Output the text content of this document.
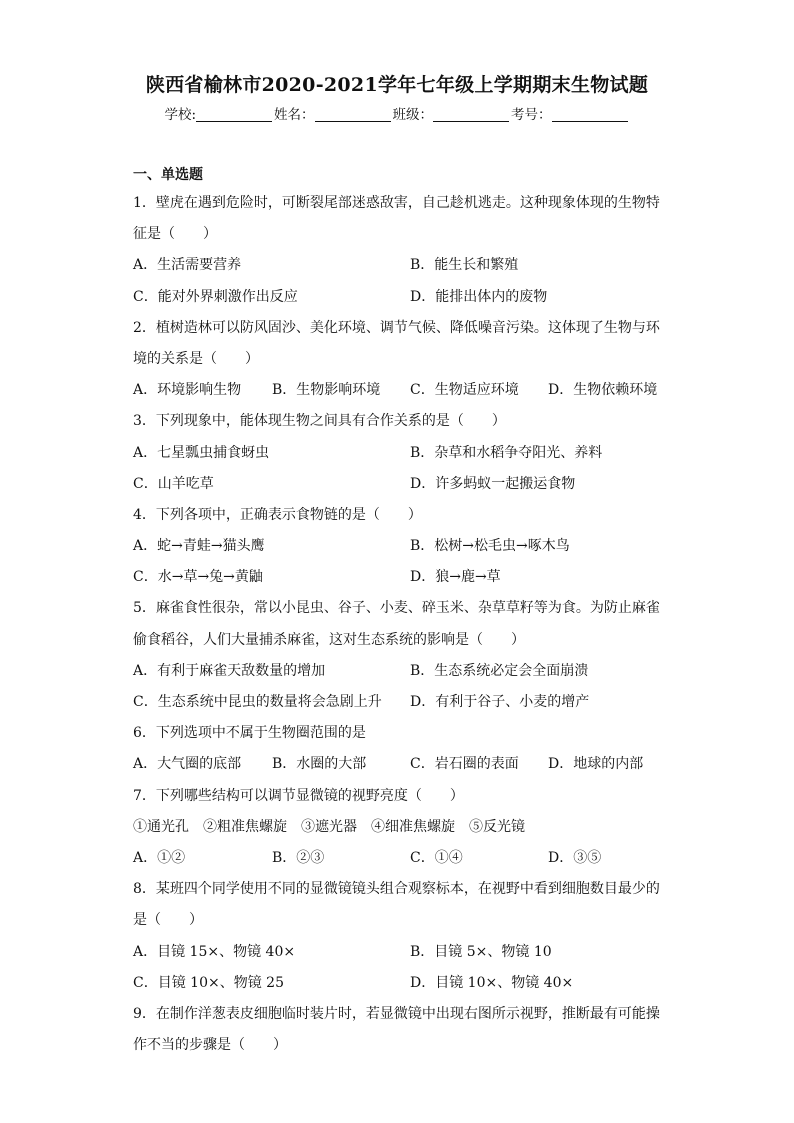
陕西省榆林市2020-2021学年七年级上学期期末生物试题
学校:	姓名：	班级：	考号：
一、单选题
1．壁虎在遇到危险时，可断裂尾部迷惑敌害，自己趁机逃走。这种现象体现的生物特
征是（　　）
A．生活需要营养	B．能生长和繁殖
C．能对外界刺激作出反应	D．能排出体内的废物
2．植树造林可以防风固沙、美化环境、调节气候、降低噪音污染。这体现了生物与环
境的关系是（　　）
A．环境影响生物 B．生物影响环境 C．生物适应环境 D．生物依赖环境
3．下列现象中，能体现生物之间具有合作关系的是（　　）
A．七星瓢虫捕食蚜虫	B．杂草和水稻争夺阳光、养料
C．山羊吃草	D．许多蚂蚁一起搬运食物
4．下列各项中，正确表示食物链的是（　　）
A．蛇→青蛙→猫头鹰	B．松树→松毛虫→啄木鸟
C．水→草→兔→黄鼬	D．狼→鹿→草
5．麻雀食性很杂，常以小昆虫、谷子、小麦、碎玉米、杂草草籽等为食。为防止麻雀
偷食稻谷，人们大量捕杀麻雀，这对生态系统的影响是（　　）
A．有利于麻雀天敌数量的增加	B．生态系统必定会全面崩溃
C．生态系统中昆虫的数量将会急剧上升 D．有利于谷子、小麦的增产
6．下列选项中不属于生物圈范围的是
A．大气圈的底部 B．水圈的大部	C．岩石圈的表面 D．地球的内部
7．下列哪些结构可以调节显微镜的视野亮度（　　）
①通光孔　②粗准焦螺旋　③遮光器　④细准焦螺旋　⑤反光镜
A．①②	B．②③	C．①④	D．③⑤
8．某班四个同学使用不同的显微镜镜头组合观察标本，在视野中看到细胞数目最少的
是（　　）
A．目镜 15×、物镜 40×	B．目镜 5×、物镜 10
C．目镜 10×、物镜 25	D．目镜 10×、物镜 40×
9．在制作洋葱表皮细胞临时装片时，若显微镜中出现右图所示视野，推断最有可能操
作不当的步骤是（　　）
